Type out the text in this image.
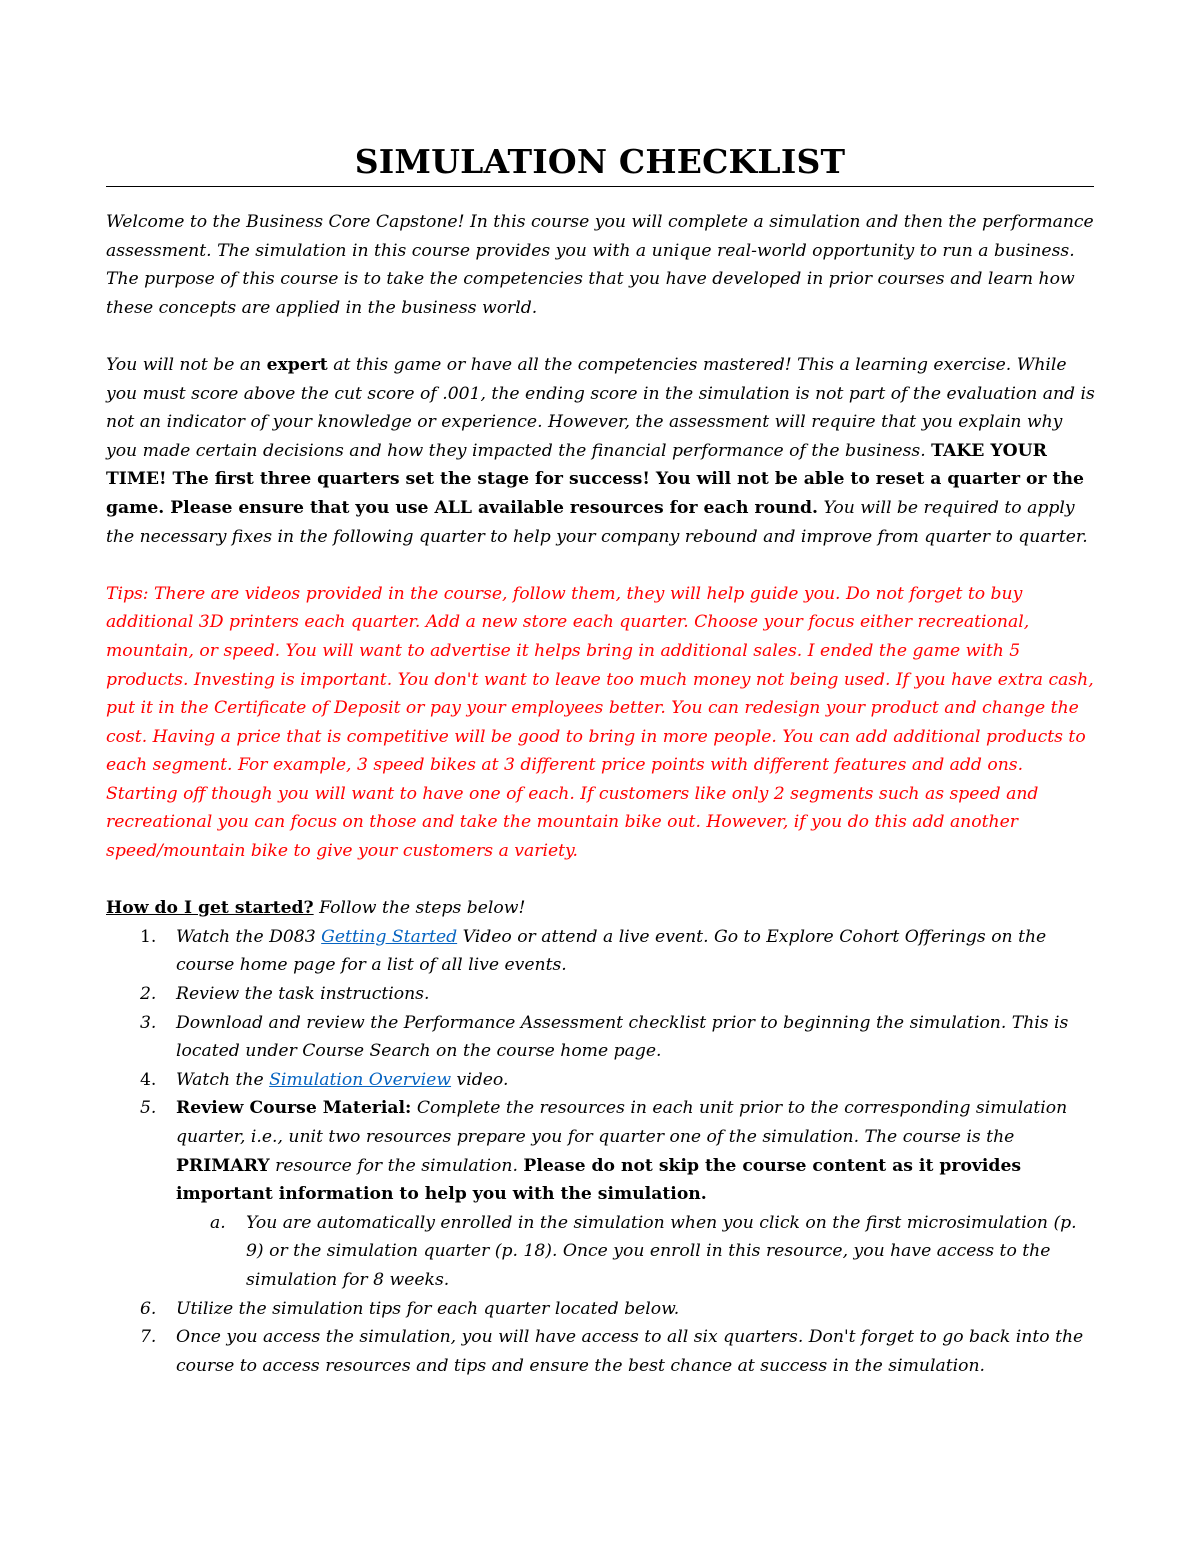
SIMULATION CHECKLIST

Welcome to the Business Core Capstone! In this course you will complete a simulation and then the performance assessment. The simulation in this course provides you with a unique real-world opportunity to run a business. The purpose of this course is to take the competencies that you have developed in prior courses and learn how these concepts are applied in the business world.

You will not be an expert at this game or have all the competencies mastered! This a learning exercise. While you must score above the cut score of .001, the ending score in the simulation is not part of the evaluation and is not an indicator of your knowledge or experience. However, the assessment will require that you explain why you made certain decisions and how they impacted the financial performance of the business. TAKE YOUR TIME! The first three quarters set the stage for success! You will not be able to reset a quarter or the game. Please ensure that you use ALL available resources for each round. You will be required to apply the necessary fixes in the following quarter to help your company rebound and improve from quarter to quarter.

Tips: There are videos provided in the course, follow them, they will help guide you. Do not forget to buy additional 3D printers each quarter. Add a new store each quarter. Choose your focus either recreational, mountain, or speed. You will want to advertise it helps bring in additional sales. I ended the game with 5 products. Investing is important. You don't want to leave too much money not being used. If you have extra cash, put it in the Certificate of Deposit or pay your employees better. You can redesign your product and change the cost. Having a price that is competitive will be good to bring in more people. You can add additional products to each segment. For example, 3 speed bikes at 3 different price points with different features and add ons. Starting off though you will want to have one of each. If customers like only 2 segments such as speed and recreational you can focus on those and take the mountain bike out. However, if you do this add another speed/mountain bike to give your customers a variety.

How do I get started? Follow the steps below!
1. Watch the D083 Getting Started Video or attend a live event. Go to Explore Cohort Offerings on the course home page for a list of all live events.
2. Review the task instructions.
3. Download and review the Performance Assessment checklist prior to beginning the simulation. This is located under Course Search on the course home page.
4. Watch the Simulation Overview video.
5. Review Course Material: Complete the resources in each unit prior to the corresponding simulation quarter, i.e., unit two resources prepare you for quarter one of the simulation. The course is the PRIMARY resource for the simulation. Please do not skip the course content as it provides important information to help you with the simulation.
a. You are automatically enrolled in the simulation when you click on the first microsimulation (p. 9) or the simulation quarter (p. 18). Once you enroll in this resource, you have access to the simulation for 8 weeks.
6. Utilize the simulation tips for each quarter located below.
7. Once you access the simulation, you will have access to all six quarters. Don't forget to go back into the course to access resources and tips and ensure the best chance at success in the simulation.
